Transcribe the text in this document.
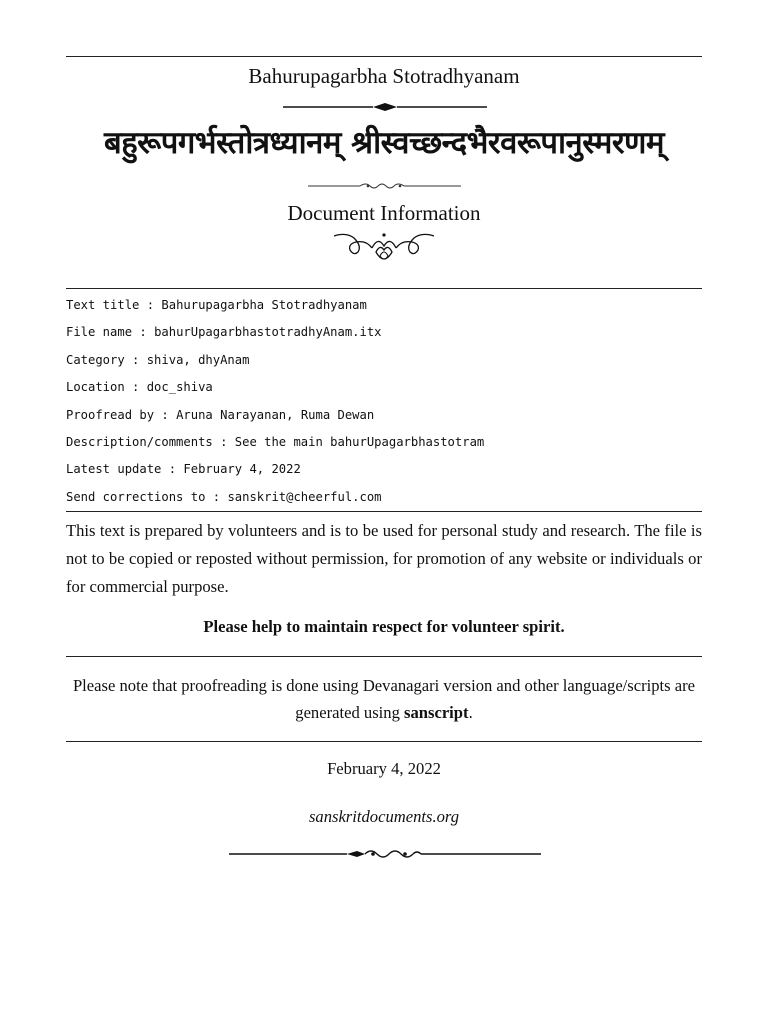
Bahurupagarbha Stotradhyanam
बहुरूपगर्भस्तोत्रध्यानम् श्रीस्वच्छन्दभैरवरूपानुस्मरणम्
Document Information
Text title : Bahurupagarbha Stotradhyanam
File name : bahurUpagarbhastotradhyAnam.itx
Category : shiva, dhyAnam
Location : doc_shiva
Proofread by : Aruna Narayanan, Ruma Dewan
Description/comments : See the main bahurUpagarbhastotram
Latest update : February 4, 2022
Send corrections to : sanskrit@cheerful.com

This text is prepared by volunteers and is to be used for personal study and research. The file is not to be copied or reposted without permission, for promotion of any website or individuals or for commercial purpose.

Please help to maintain respect for volunteer spirit.
Please note that proofreading is done using Devanagari version and other language/scripts are generated using sanscript.
February 4, 2022
sanskritdocuments.org
